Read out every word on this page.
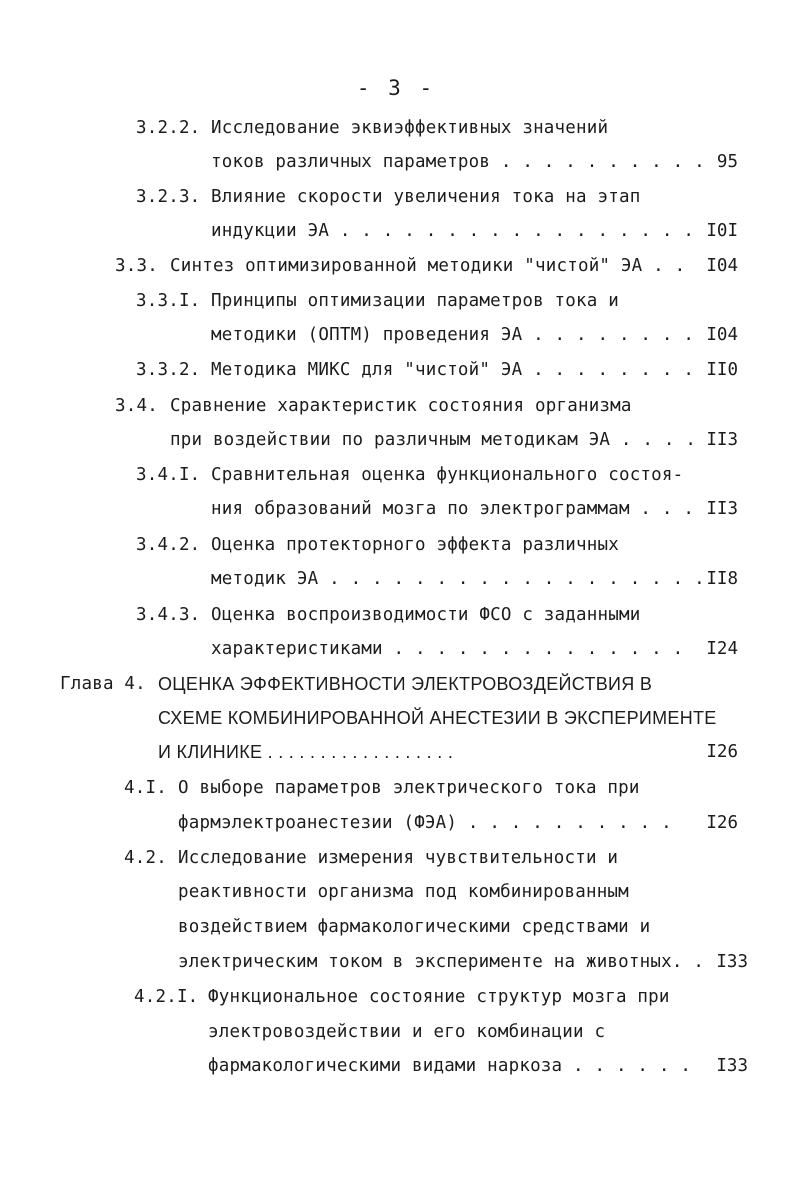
- 3 -
3.2.2. Исследование эквиэффективных значений
токов различных параметров . . . . . . . . . . 95
3.2.3. Влияние скорости увеличения тока на этап
индукции ЭА . . . . . . . . . . . . . . . . . I0I
3.3. Синтез оптимизированной методики "чистой" ЭА . . I04
3.3.I. Принципы оптимизации параметров тока и
методики (ОПТМ) проведения ЭА . . . . . . . . I04
3.3.2. Методика МИКС для "чистой" ЭА . . . . . . . . II0
3.4. Сравнение характеристик состояния организма
при воздействии по различным методикам ЭА . . . . II3
3.4.I. Сравнительная оценка функционального состоя-
ния образований мозга по электрограммам . . . II3
3.4.2. Оценка протекторного эффекта различных
методик ЭА . . . . . . . . . . . . . . . . . . II8
3.4.3. Оценка воспроизводимости ФСО с заданными
характеристиками . . . . . . . . . . . . . . I24
Глава 4. ОЦЕНКА ЭФФЕКТИВНОСТИ ЭЛЕКТРОВОЗДЕЙСТВИЯ В
СХЕМЕ КОМБИНИРОВАННОЙ АНЕСТЕЗИИ В ЭКСПЕРИМЕНТЕ
И КЛИНИКЕ . . . . . . . . . . . . . . . . . .	I26
4.I. О выборе параметров электрического тока при
фармэлектроанестезии (ФЭА) . . . . . . . . . . I26
4.2. Исследование измерения чувствительности и
реактивности организма под комбинированным
воздействием фармакологическими средствами и
электрическим током в эксперименте на животных. . I33
4.2.I. Функциональное состояние структур мозга при
электровоздействии и его комбинации с
фармакологическими видами наркоза . . . . . . I33
